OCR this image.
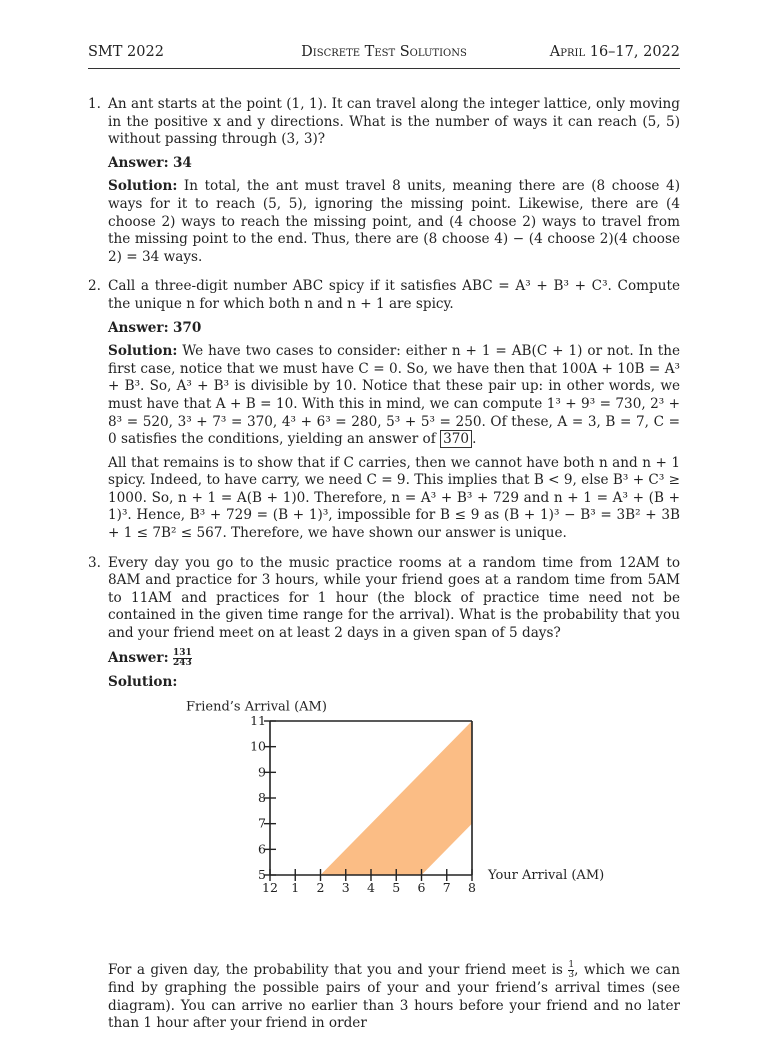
SMT 2022	Discrete Test Solutions	April 16–17, 2022
1. An ant starts at the point (1, 1). It can travel along the integer lattice, only moving in the positive x and y directions. What is the number of ways it can reach (5, 5) without passing through (3, 3)?

Answer: 34

Solution: In total, the ant must travel 8 units, meaning there are (8 choose 4) ways for it to reach (5, 5), ignoring the missing point. Likewise, there are (4 choose 2) ways to reach the missing point, and (4 choose 2) ways to travel from the missing point to the end. Thus, there are (8 choose 4) − (4 choose 2)(4 choose 2) = 34 ways.

2. Call a three-digit number ABC spicy if it satisfies ABC = A³ + B³ + C³. Compute the unique n for which both n and n + 1 are spicy.

Answer: 370

Solution: We have two cases to consider: either n + 1 = AB(C + 1) or not. In the first case, notice that we must have C = 0. So, we have then that 100A + 10B = A³ + B³. So, A³ + B³ is divisible by 10. Notice that these pair up: in other words, we must have that A + B = 10. With this in mind, we can compute 1³ + 9³ = 730, 2³ + 8³ = 520, 3³ + 7³ = 370, 4³ + 6³ = 280, 5³ + 5³ = 250. Of these, A = 3, B = 7, C = 0 satisfies the conditions, yielding an answer of 370 .

All that remains is to show that if C carries, then we cannot have both n and n + 1 spicy. Indeed, to have carry, we need C = 9. This implies that B < 9, else B³ + C³ ≥ 1000. So, n + 1 = A(B + 1)0. Therefore, n = A³ + B³ + 729 and n + 1 = A³ + (B + 1)³. Hence, B³ + 729 = (B + 1)³, impossible for B ≤ 9 as (B + 1)³ − B³ = 3B² + 3B + 1 ≤ 7B² ≤ 567. Therefore, we have shown our answer is unique.

3. Every day you go to the music practice rooms at a random time from 12AM to 8AM and practice for 3 hours, while your friend goes at a random time from 5AM to 11AM and practices for 1 hour (the block of practice time need not be contained in the given time range for the arrival). What is the probability that you and your friend meet on at least 2 days in a given span of 5 days?

Answer: $\frac{131}{243}$
Solution:
12 1 2 3 4 5 6 7 8
5
6
7
8
9
10
11
Friend’s Arrival (AM)
Your Arrival (AM)

For a given day, the probability that you and your friend meet is $\frac{1}{3}$ , which we can find by graphing the possible pairs of your and your friend’s arrival times (see diagram). You can arrive no earlier than 3 hours before your friend and no later than 1 hour after your friend in order
